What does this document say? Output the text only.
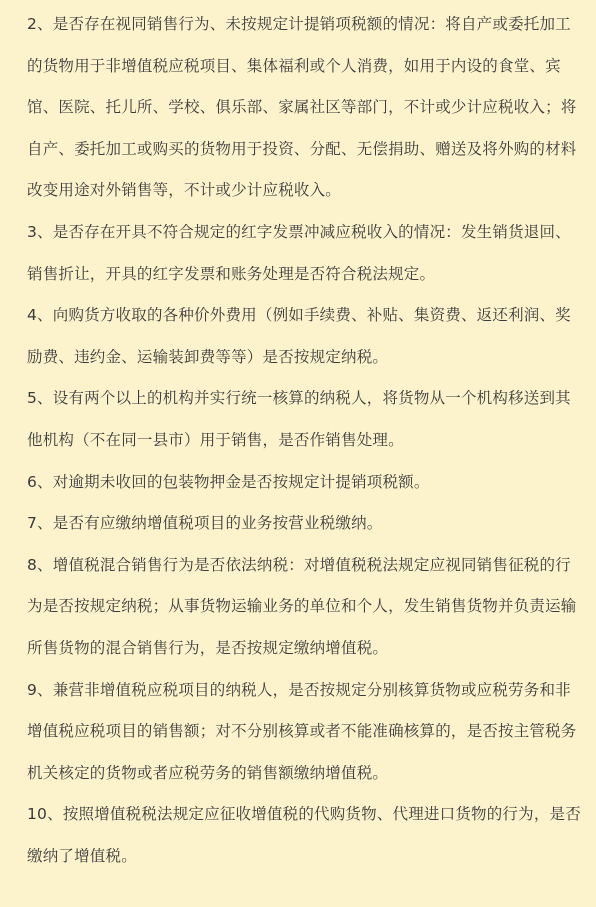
2、是否存在视同销售行为、未按规定计提销项税额的情况：将自产或委托加工的货物用于非增值税应税项目、集体福利或个人消费，如用于内设的食堂、宾馆、医院、托儿所、学校、俱乐部、家属社区等部门，不计或少计应税收入；将自产、委托加工或购买的货物用于投资、分配、无偿捐助、赠送及将外购的材料改变用途对外销售等，不计或少计应税收入。

3、是否存在开具不符合规定的红字发票冲减应税收入的情况：发生销货退回、销售折让，开具的红字发票和账务处理是否符合税法规定。

4、向购货方收取的各种价外费用（例如手续费、补贴、集资费、返还利润、奖励费、违约金、运输装卸费等等）是否按规定纳税。

5、设有两个以上的机构并实行统一核算的纳税人，将货物从一个机构移送到其他机构（不在同一县市）用于销售，是否作销售处理。

6、对逾期未收回的包装物押金是否按规定计提销项税额。

7、是否有应缴纳增值税项目的业务按营业税缴纳。

8、增值税混合销售行为是否依法纳税：对增值税税法规定应视同销售征税的行为是否按规定纳税；从事货物运输业务的单位和个人，发生销售货物并负责运输所售货物的混合销售行为，是否按规定缴纳增值税。

9、兼营非增值税应税项目的纳税人，是否按规定分别核算货物或应税劳务和非增值税应税项目的销售额；对不分别核算或者不能准确核算的，是否按主管税务机关核定的货物或者应税劳务的销售额缴纳增值税。

10、按照增值税税法规定应征收增值税的代购货物、代理进口货物的行为，是否缴纳了增值税。
